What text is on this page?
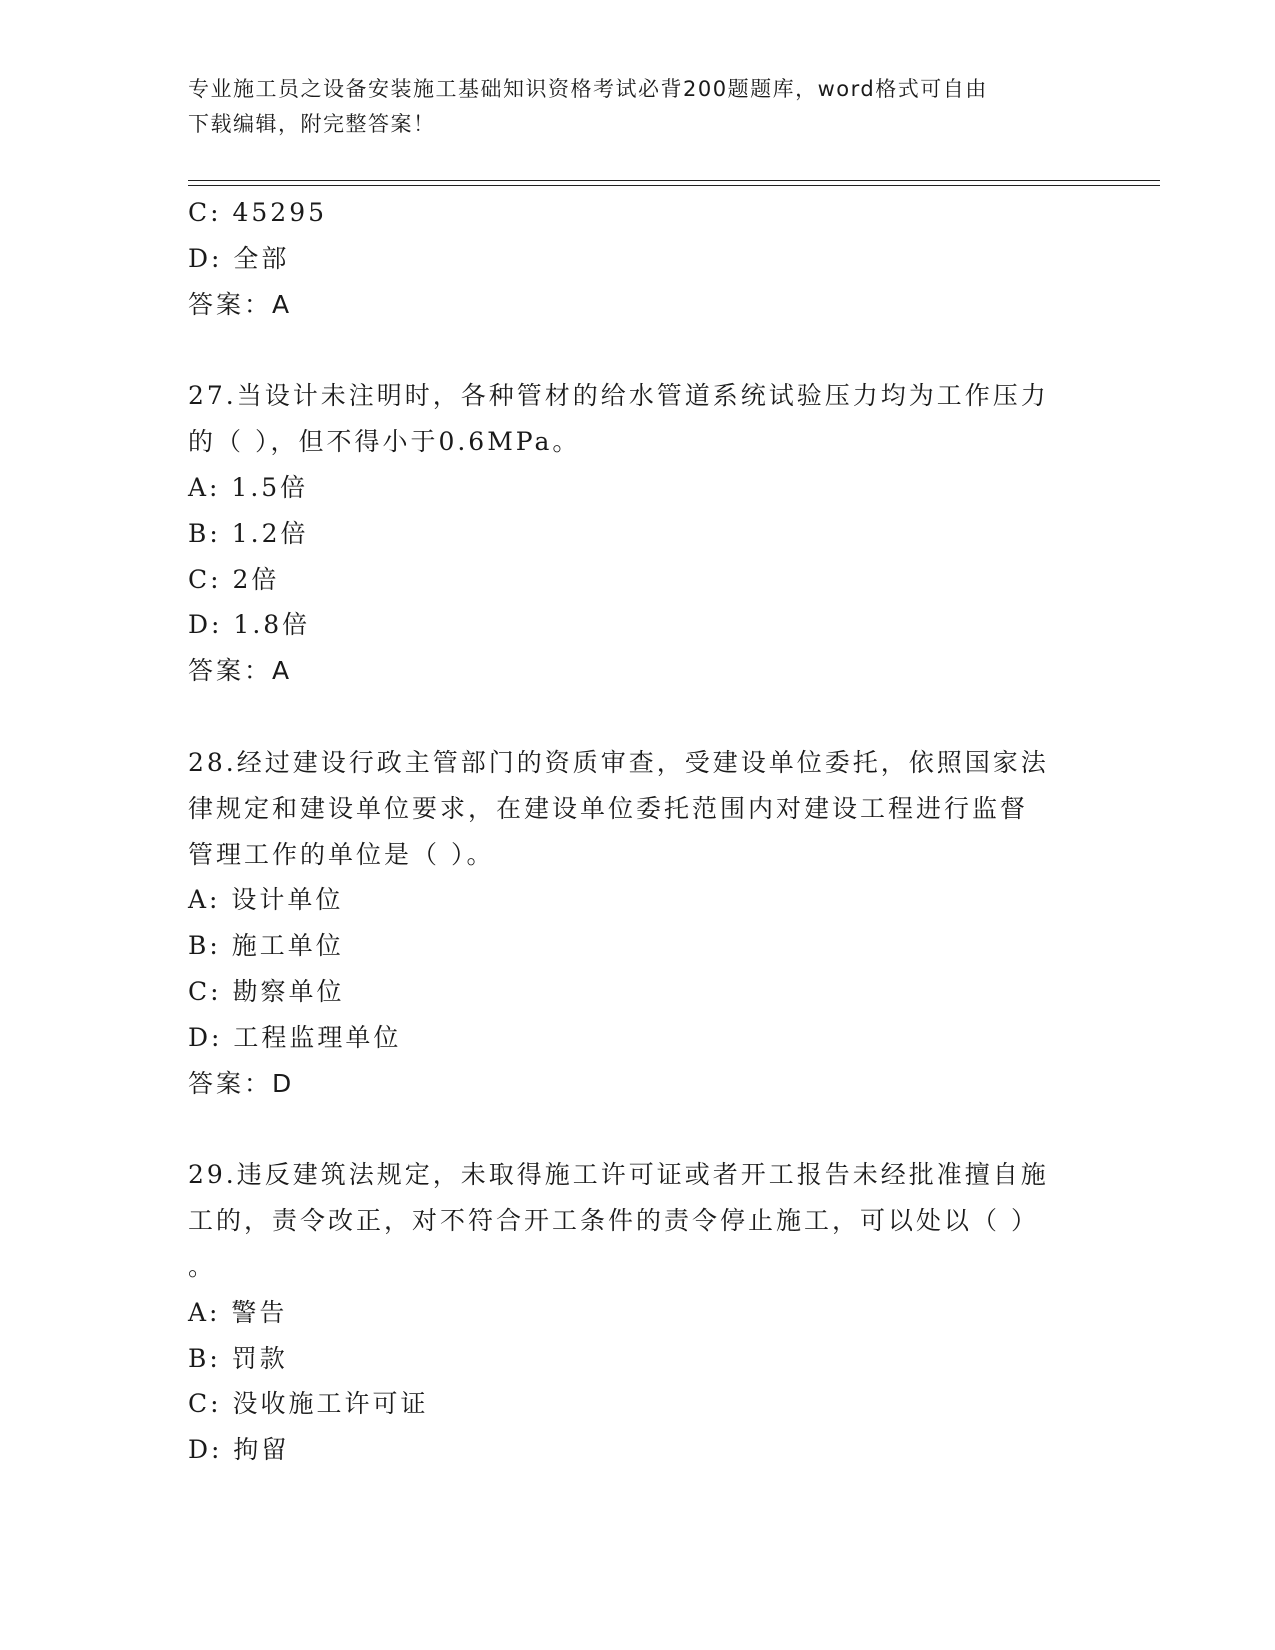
专业施工员之设备安装施工基础知识资格考试必背200题题库，word格式可自由
下载编辑，附完整答案！
C: 45295
D: 全部
答案：A
27.当设计未注明时，各种管材的给水管道系统试验压力均为工作压力
的（ ），但不得小于0.6MPa。
A: 1.5倍
B: 1.2倍
C: 2倍
D: 1.8倍
答案：A
28.经过建设行政主管部门的资质审查，受建设单位委托，依照国家法
律规定和建设单位要求，在建设单位委托范围内对建设工程进行监督
管理工作的单位是（ ）。
A: 设计单位
B: 施工单位
C: 勘察单位
D: 工程监理单位
答案：D
29.违反建筑法规定，未取得施工许可证或者开工报告未经批准擅自施
工的，责令改正，对不符合开工条件的责令停止施工，可以处以（ ）
。
A: 警告
B: 罚款
C: 没收施工许可证
D: 拘留
